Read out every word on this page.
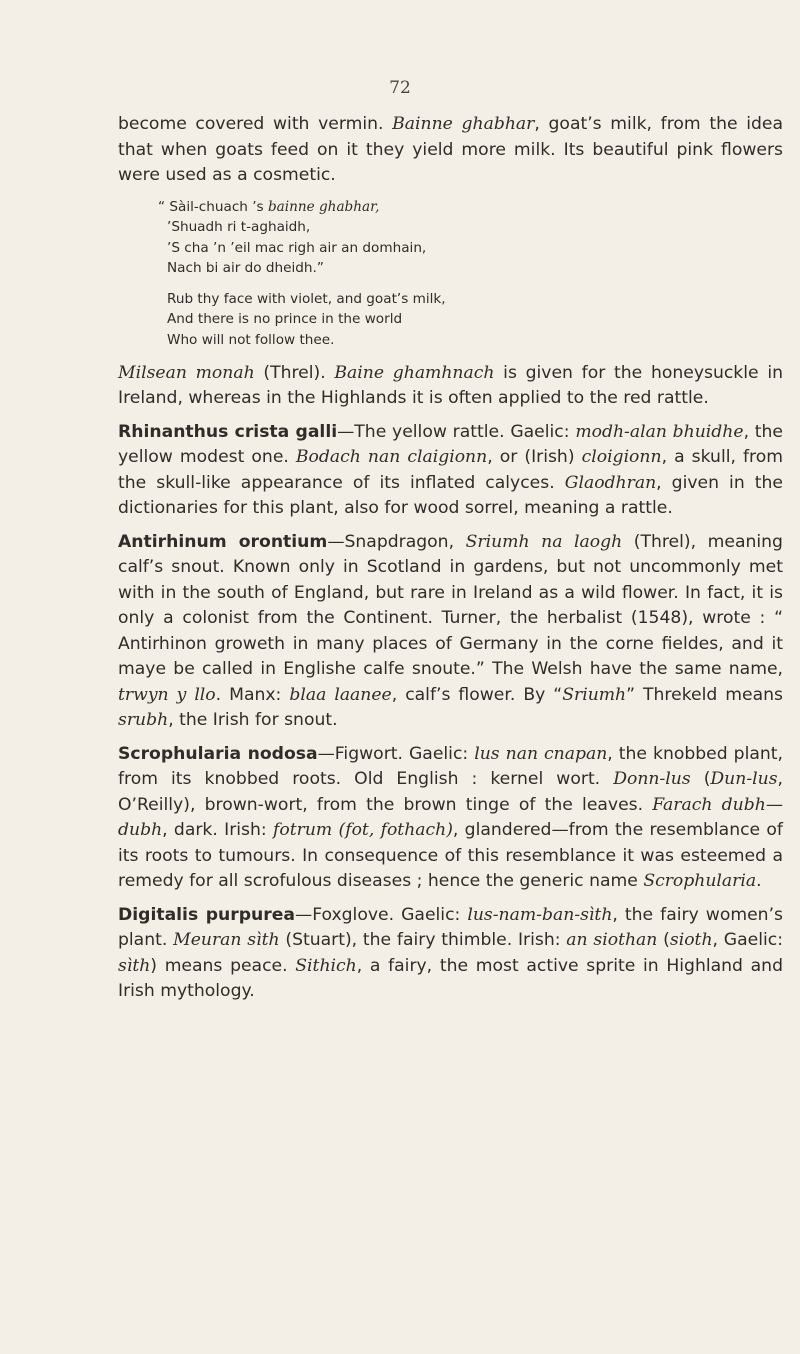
72

become covered with vermin. Bainne ghabhar, goat’s milk, from the idea that when goats feed on it they yield more milk. Its beautiful pink flowers were used as a cosmetic.

“ Sàil-chuach ’s bainne ghabhar,
’Shuadh ri t-aghaidh,
’S cha ’n ’eil mac righ air an domhain,
Nach bi air do dheidh.”
Rub thy face with violet, and goat’s milk,
And there is no prince in the world
Who will not follow thee.

Milsean monah (Threl). Baine ghamhnach is given for the honeysuckle in Ireland, whereas in the Highlands it is often applied to the red rattle.

Rhinanthus crista galli—The yellow rattle. Gaelic: modh-alan bhuidhe, the yellow modest one. Bodach nan claigionn, or (Irish) cloigionn, a skull, from the skull-like appearance of its inflated calyces. Glaodhran, given in the dictionaries for this plant, also for wood sorrel, meaning a rattle.

Antirhinum orontium—Snapdragon, Sriumh na laogh (Threl), meaning calf’s snout. Known only in Scotland in gardens, but not uncommonly met with in the south of England, but rare in Ireland as a wild flower. In fact, it is only a colonist from the Continent. Turner, the herbalist (1548), wrote : “ Antirhinon groweth in many places of Germany in the corne fieldes, and it maye be called in Englishe calfe snoute.” The Welsh have the same name, trwyn y llo. Manx: blaa laanee, calf’s flower. By “Sriumh” Threkeld means srubh, the Irish for snout.

Scrophularia nodosa—Figwort. Gaelic: lus nan cnapan, the knobbed plant, from its knobbed roots. Old English : kernel wort. Donn-lus (Dun-lus, O’Reilly), brown-wort, from the brown tinge of the leaves. Farach dubh—dubh, dark. Irish: fotrum (fot, fothach), glandered—from the resemblance of its roots to tumours. In consequence of this resemblance it was esteemed a remedy for all scrofulous diseases ; hence the generic name Scrophularia.

Digitalis purpurea—Foxglove. Gaelic: lus-nam-ban-sìth, the fairy women’s plant. Meuran sìth (Stuart), the fairy thimble. Irish: an siothan (sioth, Gaelic: sìth) means peace. Sithich, a fairy, the most active sprite in Highland and Irish mythology.
